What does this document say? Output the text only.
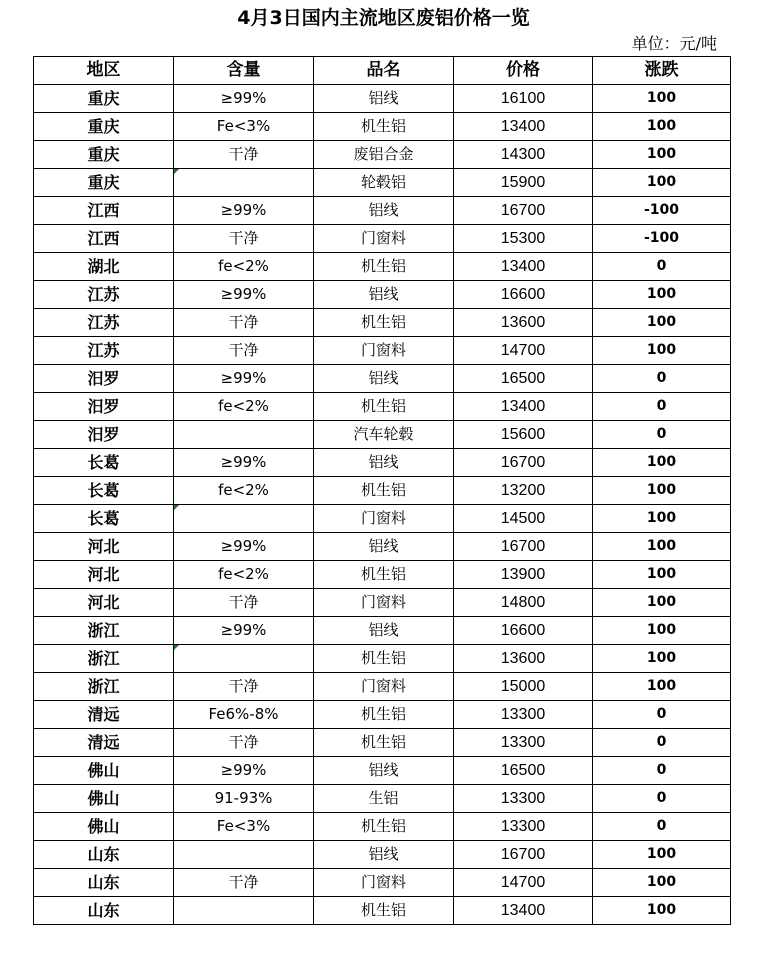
4月3日国内主流地区废铝价格一览
单位：元/吨
地区	含量	品名	价格	涨跌
重庆	≥99%	铝线	16100	100
重庆	Fe<3%	机生铝	13400	100
重庆	干净	废铝合金	14300	100
重庆		轮毂铝	15900	100
江西	≥99%	铝线	16700	-100
江西	干净	门窗料	15300	-100
湖北	fe<2%	机生铝	13400	0
江苏	≥99%	铝线	16600	100
江苏	干净	机生铝	13600	100
江苏	干净	门窗料	14700	100
汨罗	≥99%	铝线	16500	0
汨罗	fe<2%	机生铝	13400	0
汨罗		汽车轮毂	15600	0
长葛	≥99%	铝线	16700	100
长葛	fe<2%	机生铝	13200	100
长葛		门窗料	14500	100
河北	≥99%	铝线	16700	100
河北	fe<2%	机生铝	13900	100
河北	干净	门窗料	14800	100
浙江	≥99%	铝线	16600	100
浙江		机生铝	13600	100
浙江	干净	门窗料	15000	100
清远	Fe6%-8%	机生铝	13300	0
清远	干净	机生铝	13300	0
佛山	≥99%	铝线	16500	0
佛山	91-93%	生铝	13300	0
佛山	Fe<3%	机生铝	13300	0
山东		铝线	16700	100
山东	干净	门窗料	14700	100
山东		机生铝	13400	100
